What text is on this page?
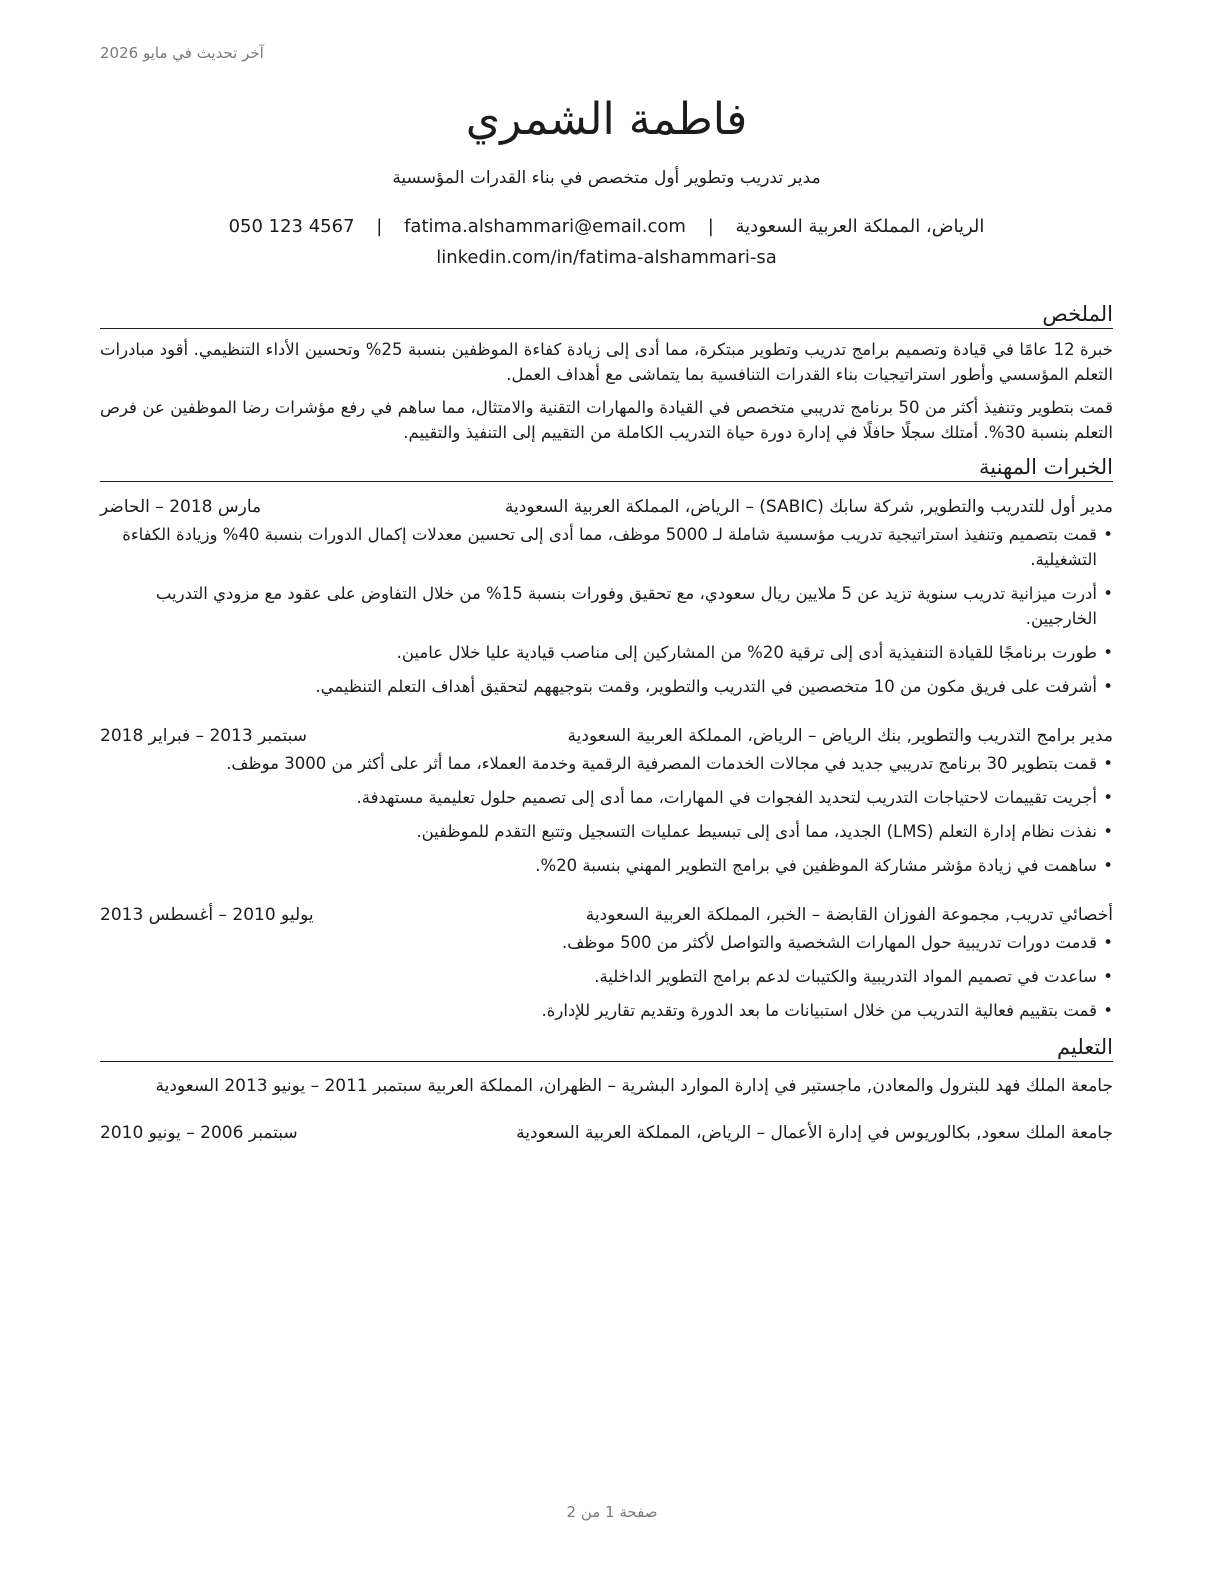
آخر تحديث في مايو 2026
فاطمة الشمري
مدير تدريب وتطوير أول متخصص في بناء القدرات المؤسسية
050 123 4567 | fatima.alshammari@email.com | الرياض، المملكة العربية السعودية
linkedin.com/in/fatima-alshammari-sa
الملخص

خبرة 12 عامًا في قيادة وتصميم برامج تدريب وتطوير مبتكرة، مما أدى إلى زيادة كفاءة الموظفين بنسبة 25% وتحسين الأداء التنظيمي. أقود مبادرات التعلم المؤسسي وأطور استراتيجيات بناء القدرات التنافسية بما يتماشى مع أهداف العمل.

قمت بتطوير وتنفيذ أكثر من 50 برنامج تدريبي متخصص في القيادة والمهارات التقنية والامتثال، مما ساهم في رفع مؤشرات رضا الموظفين عن فرص التعلم بنسبة 30%. أمتلك سجلًا حافلًا في إدارة دورة حياة التدريب الكاملة من التقييم إلى التنفيذ والتقييم.

الخبرات المهنية
مدير أول للتدريب والتطوير, شركة سابك (SABIC) – الرياض، المملكة العربية السعودية
مارس 2018 – الحاضر
• قمت بتصميم وتنفيذ استراتيجية تدريب مؤسسية شاملة لـ 5000 موظف، مما أدى إلى تحسين معدلات إكمال الدورات بنسبة 40% وزيادة الكفاءة التشغيلية.
• أدرت ميزانية تدريب سنوية تزيد عن 5 ملايين ريال سعودي، مع تحقيق وفورات بنسبة 15% من خلال التفاوض على عقود مع مزودي التدريب الخارجيين.
• طورت برنامجًا للقيادة التنفيذية أدى إلى ترقية 20% من المشاركين إلى مناصب قيادية عليا خلال عامين.
• أشرفت على فريق مكون من 10 متخصصين في التدريب والتطوير، وقمت بتوجيههم لتحقيق أهداف التعلم التنظيمي.
مدير برامج التدريب والتطوير, بنك الرياض – الرياض، المملكة العربية السعودية
سبتمبر 2013 – فبراير 2018
• قمت بتطوير 30 برنامج تدريبي جديد في مجالات الخدمات المصرفية الرقمية وخدمة العملاء، مما أثر على أكثر من 3000 موظف.
• أجريت تقييمات لاحتياجات التدريب لتحديد الفجوات في المهارات، مما أدى إلى تصميم حلول تعليمية مستهدفة.
• نفذت نظام إدارة التعلم (LMS) الجديد، مما أدى إلى تبسيط عمليات التسجيل وتتبع التقدم للموظفين.
• ساهمت في زيادة مؤشر مشاركة الموظفين في برامج التطوير المهني بنسبة 20%.
أخصائي تدريب, مجموعة الفوزان القابضة – الخبر، المملكة العربية السعودية
يوليو 2010 – أغسطس 2013
• قدمت دورات تدريبية حول المهارات الشخصية والتواصل لأكثر من 500 موظف.
• ساعدت في تصميم المواد التدريبية والكتيبات لدعم برامج التطوير الداخلية.
• قمت بتقييم فعالية التدريب من خلال استبيانات ما بعد الدورة وتقديم تقارير للإدارة.
التعليم
جامعة الملك فهد للبترول والمعادن, ماجستير في إدارة الموارد البشرية – الظهران، المملكة العربية سبتمبر 2011 – يونيو 2013 السعودية
جامعة الملك سعود, بكالوريوس في إدارة الأعمال – الرياض، المملكة العربية السعودية
سبتمبر 2006 – يونيو 2010
صفحة 1 من 2
